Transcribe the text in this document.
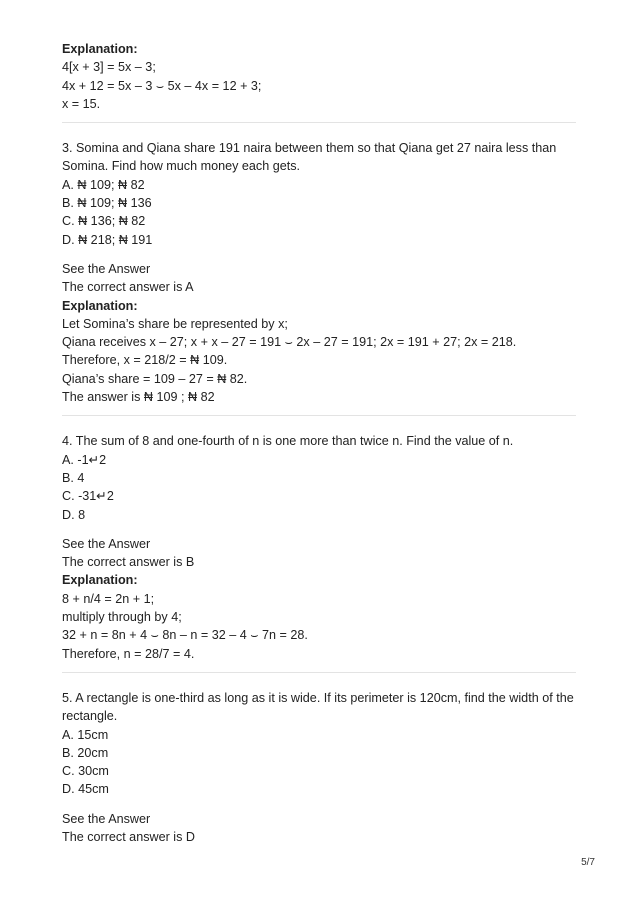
Explanation:
4[x + 3] = 5x – 3;
4x + 12 = 5x – 3 ⌣ 5x – 4x = 12 + 3;
x = 15.
3. Somina and Qiana share 191 naira between them so that Qiana get 27 naira less than Somina. Find how much money each gets.
A. ₦ 109; ₦ 82
B. ₦ 109; ₦ 136
C. ₦ 136; ₦ 82
D. ₦ 218; ₦ 191
See the Answer
The correct answer is A
Explanation:
Let Somina’s share be represented by x;
Qiana receives x – 27; x + x – 27 = 191 ⌣ 2x – 27 = 191; 2x = 191 + 27; 2x = 218.
Therefore, x = 218/2 = ₦ 109.
Qiana’s share = 109 – 27 = ₦ 82.
The answer is ₦ 109 ; ₦ 82
4. The sum of 8 and one-fourth of n is one more than twice n. Find the value of n.
A. -1↵2
B. 4
C. -31↵2
D. 8
See the Answer
The correct answer is B
Explanation:
8 + n/4 = 2n + 1;
multiply through by 4;
32 + n = 8n + 4 ⌣ 8n – n = 32 – 4 ⌣ 7n = 28.
Therefore, n = 28/7 = 4.
5. A rectangle is one-third as long as it is wide. If its perimeter is 120cm, find the width of the rectangle.
A. 15cm
B. 20cm
C. 30cm
D. 45cm
See the Answer
The correct answer is D
5/7
